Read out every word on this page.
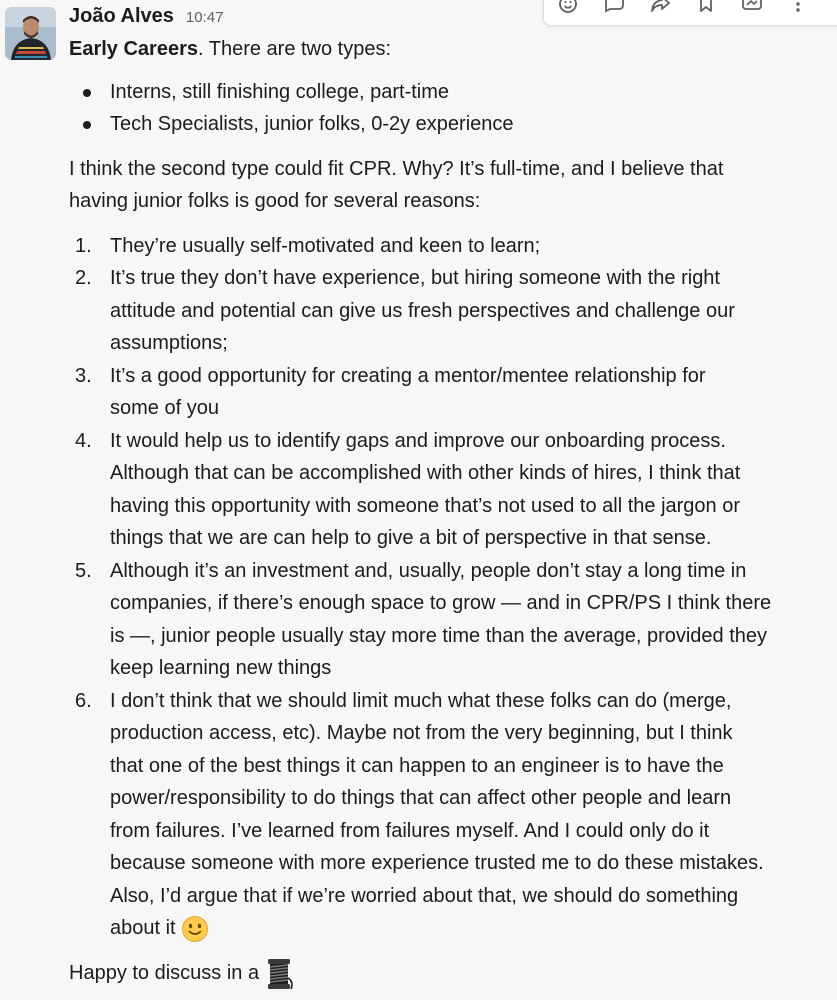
João Alves 10:47
Early Careers. There are two types:
Interns, still finishing college, part-time
Tech Specialists, junior folks, 0-2y experience
I think the second type could fit CPR. Why? It’s full-time, and I believe that
having junior folks is good for several reasons:
1. They’re usually self-motivated and keen to learn;
2. It’s true they don’t have experience, but hiring someone with the right
attitude and potential can give us fresh perspectives and challenge our
assumptions;
3. It’s a good opportunity for creating a mentor/mentee relationship for
some of you
4. It would help us to identify gaps and improve our onboarding process.
Although that can be accomplished with other kinds of hires, I think that
having this opportunity with someone that’s not used to all the jargon or
things that we are can help to give a bit of perspective in that sense.
5. Although it’s an investment and, usually, people don’t stay a long time in
companies, if there’s enough space to grow — and in CPR/PS I think there
is —, junior people usually stay more time than the average, provided they
keep learning new things
6. I don’t think that we should limit much what these folks can do (merge,
production access, etc). Maybe not from the very beginning, but I think
that one of the best things it can happen to an engineer is to have the
power/responsibility to do things that can affect other people and learn
from failures. I’ve learned from failures myself. And I could only do it
because someone with more experience trusted me to do these mistakes.
Also, I’d argue that if we’re worried about that, we should do something
about it
Happy to discuss in a
